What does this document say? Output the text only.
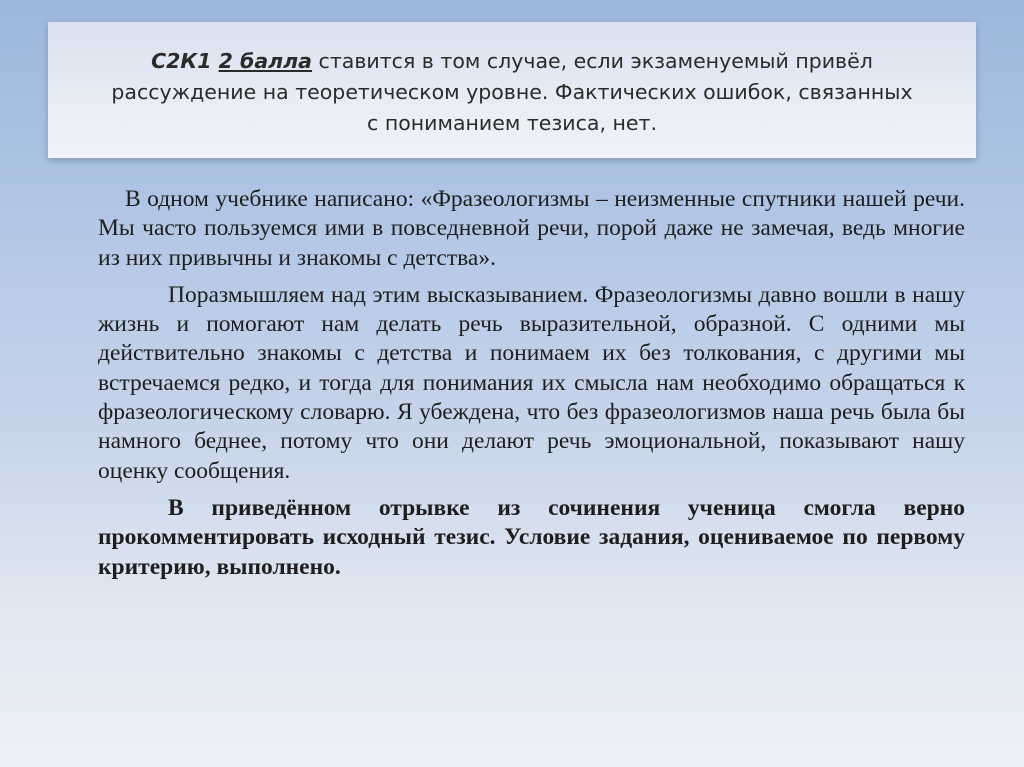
С2К1 2 балла ставится в том случае, если экзаменуемый привёл
рассуждение на теоретическом уровне. Фактических ошибок, связанных
с пониманием тезиса, нет.

В одном учебнике написано: «Фразеологизмы – неизменные спутники нашей речи. Мы часто пользуемся ими в повседневной речи, порой даже не замечая, ведь многие из них привычны и знакомы с детства».

Поразмышляем над этим высказыванием. Фразеологизмы давно вошли в нашу жизнь и помогают нам делать речь выразительной, образной. С одними мы действительно знакомы с детства и понимаем их без толкования, с другими мы встречаемся редко, и тогда для понимания их смысла нам необходимо обращаться к фразеологическому словарю. Я убеждена, что без фразеологизмов наша речь была бы намного беднее, потому что они делают речь эмоциональной, показывают нашу оценку сообщения.

В приведённом отрывке из сочинения ученица смогла верно прокомментировать исходный тезис. Условие задания, оцениваемое по первому критерию, выполнено.
